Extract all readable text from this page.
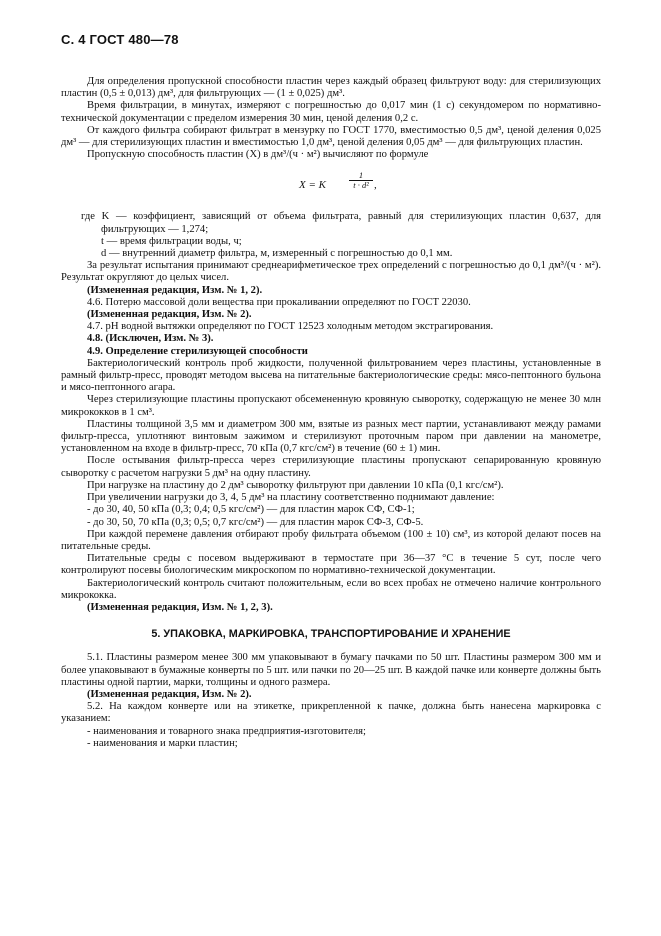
С. 4 ГОСТ 480—78

Для определения пропускной способности пластин через каждый образец фильтруют воду: для стерилизующих пластин (0,5 ± 0,013) дм³, для фильтрующих — (1 ± 0,025) дм³.

Время фильтрации, в минутах, измеряют с погрешностью до 0,017 мин (1 с) секундомером по нормативно-технической документации с пределом измерения 30 мин, ценой деления 0,2 с.

От каждого фильтра собирают фильтрат в мензурку по ГОСТ 1770, вместимостью 0,5 дм³, ценой деления 0,025 дм³ — для стерилизующих пластин и вместимостью 1,0 дм³, ценой деления 0,05 дм³ — для фильтрующих пластин.

Пропускную способность пластин (X) в дм³/(ч · м²) вычисляют по формуле

X = K	$\frac{1}{\text{t · d²}}$ ,

где K — коэффициент, зависящий от объема фильтрата, равный для стерилизующих пластин 0,637, для фильтрующих — 1,274;

t — время фильтрации воды, ч;

d — внутренний диаметр фильтра, м, измеренный с погрешностью до 0,1 мм.

За результат испытания принимают среднеарифметическое трех определений с погрешностью до 0,1 дм³/(ч · м²). Результат округляют до целых чисел.

(Измененная редакция, Изм. № 1, 2).

4.6. Потерю массовой доли вещества при прокаливании определяют по ГОСТ 22030.

(Измененная редакция, Изм. № 2).

4.7. pH водной вытяжки определяют по ГОСТ 12523 холодным методом экстрагирования.

4.8. (Исключен, Изм. № 3).

4.9. Определение стерилизующей способности

Бактериологический контроль проб жидкости, полученной фильтрованием через пластины, установленные в рамный фильтр-пресс, проводят методом высева на питательные бактериологические среды: мясо-пептонного бульона и мясо-пептонного агара.

Через стерилизующие пластины пропускают обсемененную кровяную сыворотку, содержащую не менее 30 млн микрококков в 1 см³.

Пластины толщиной 3,5 мм и диаметром 300 мм, взятые из разных мест партии, устанавливают между рамами фильтр-пресса, уплотняют винтовым зажимом и стерилизуют проточным паром при давлении на манометре, установленном на входе в фильтр-пресс, 70 кПа (0,7 кгс/см²) в течение (60 ± 1) мин.

После остывания фильтр-пресса через стерилизующие пластины пропускают сепарированную кровяную сыворотку с расчетом нагрузки 5 дм³ на одну пластину.

При нагрузке на пластину до 2 дм³ сыворотку фильтруют при давлении 10 кПа (0,1 кгс/см²).

При увеличении нагрузки до 3, 4, 5 дм³ на пластину соответственно поднимают давление:

- до 30, 40, 50 кПа (0,3; 0,4; 0,5 кгс/см²) — для пластин марок СФ, СФ-1;

- до 30, 50, 70 кПа (0,3; 0,5; 0,7 кгс/см²) — для пластин марок СФ-3, СФ-5.

При каждой перемене давления отбирают пробу фильтрата объемом (100 ± 10) см³, из которой делают посев на питательные среды.

Питательные среды с посевом выдерживают в термостате при 36—37 °С в течение 5 сут, после чего контролируют посевы биологическим микроскопом по нормативно-технической документации.

Бактериологический контроль считают положительным, если во всех пробах не отмечено наличие контрольного микрококка.

(Измененная редакция, Изм. № 1, 2, 3).

5. УПАКОВКА, МАРКИРОВКА, ТРАНСПОРТИРОВАНИЕ И ХРАНЕНИЕ

5.1. Пластины размером менее 300 мм упаковывают в бумагу пачками по 50 шт. Пластины размером 300 мм и более упаковывают в бумажные конверты по 5 шт. или пачки по 20—25 шт. В каждой пачке или конверте должны быть пластины одной партии, марки, толщины и одного размера.

(Измененная редакция, Изм. № 2).

5.2. На каждом конверте или на этикетке, прикрепленной к пачке, должна быть нанесена маркировка с указанием:

- наименования и товарного знака предприятия-изготовителя;

- наименования и марки пластин;
